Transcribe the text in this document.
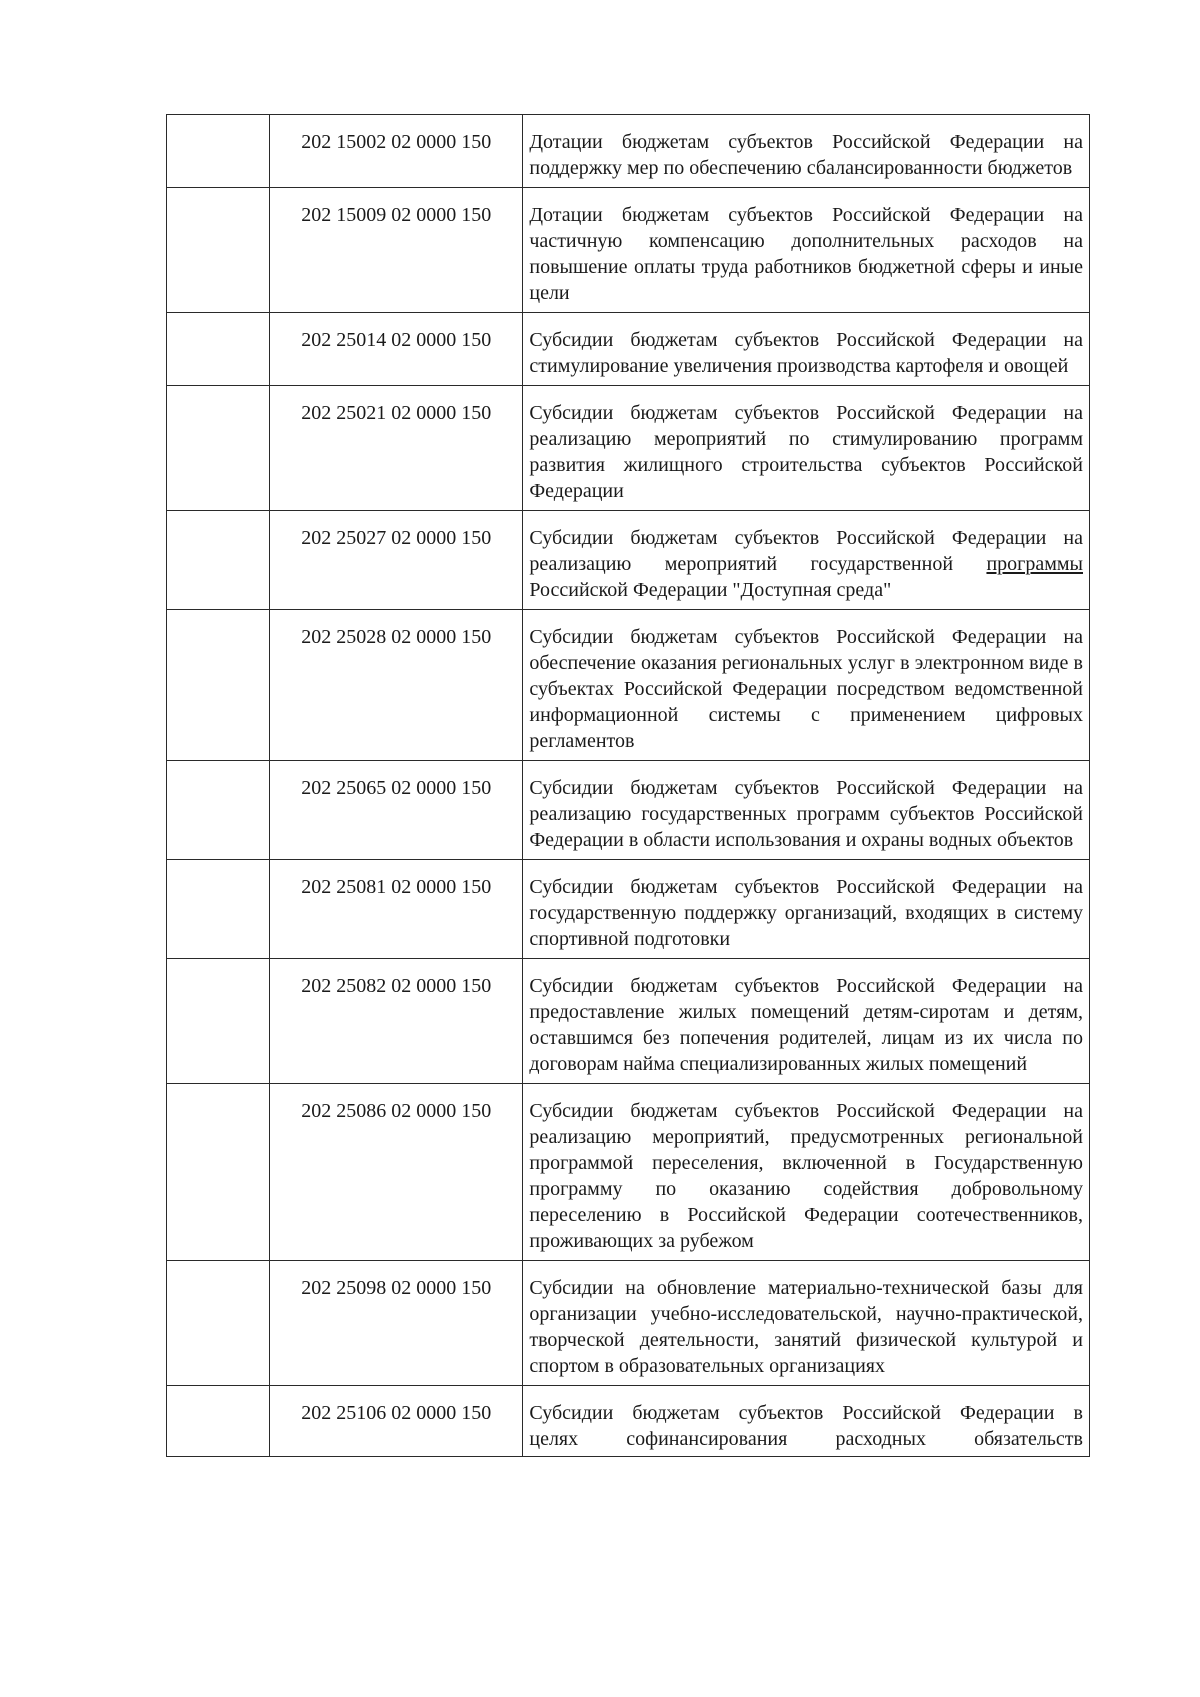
	202 15002 02 0000 150	Дотации бюджетам субъектов Российской Федерации на поддержку мер по обеспечению сбалансированности бюджетов
	202 15009 02 0000 150	Дотации бюджетам субъектов Российской Федерации на частичную компенсацию дополнительных расходов на повышение оплаты труда работников бюджетной сферы и иные цели
	202 25014 02 0000 150	Субсидии бюджетам субъектов Российской Федерации на стимулирование увеличения производства картофеля и овощей
	202 25021 02 0000 150	Субсидии бюджетам субъектов Российской Федерации на реализацию мероприятий по стимулированию программ развития жилищного строительства субъектов Российской Федерации
	202 25027 02 0000 150	Субсидии бюджетам субъектов Российской Федерации на реализацию мероприятий государственной программы Российской Федерации "Доступная среда"
	202 25028 02 0000 150	Субсидии бюджетам субъектов Российской Федерации на обеспечение оказания региональных услуг в электронном виде в субъектах Российской Федерации посредством ведомственной информационной системы с применением цифровых регламентов
	202 25065 02 0000 150	Субсидии бюджетам субъектов Российской Федерации на реализацию государственных программ субъектов Российской Федерации в области использования и охраны водных объектов
	202 25081 02 0000 150	Субсидии бюджетам субъектов Российской Федерации на государственную поддержку организаций, входящих в систему спортивной подготовки
	202 25082 02 0000 150	Субсидии бюджетам субъектов Российской Федерации на предоставление жилых помещений детям-сиротам и детям, оставшимся без попечения родителей, лицам из их числа по договорам найма специализированных жилых помещений
	202 25086 02 0000 150	Субсидии бюджетам субъектов Российской Федерации на реализацию мероприятий, предусмотренных региональной программой переселения, включенной в Государственную программу по оказанию содействия добровольному переселению в Российской Федерации соотечественников, проживающих за рубежом
	202 25098 02 0000 150	Субсидии на обновление материально-технической базы для организации учебно-исследовательской, научно-практической, творческой деятельности, занятий физической культурой и спортом в образовательных организациях
	202 25106 02 0000 150	Субсидии бюджетам субъектов Российской Федерации в
целях софинансирования расходных обязательств
